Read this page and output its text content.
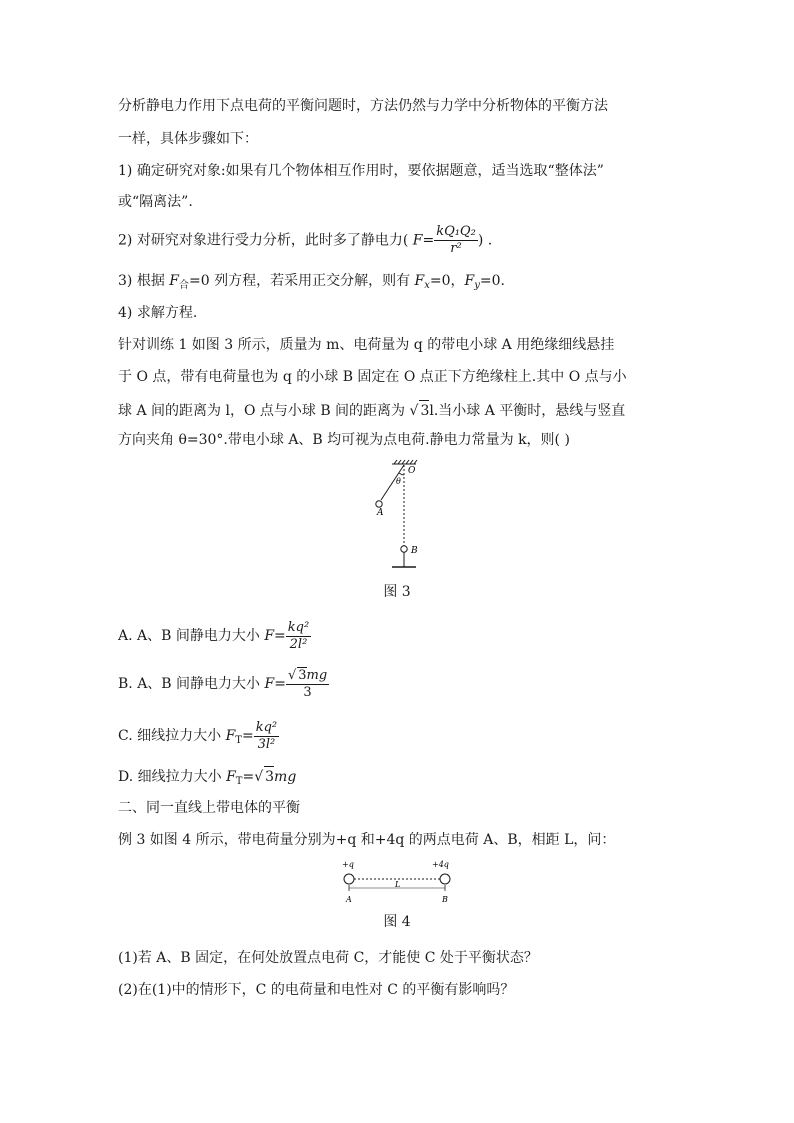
分析静电力作用下点电荷的平衡问题时，方法仍然与力学中分析物体的平衡方法
一样，具体步骤如下：
1) 确定研究对象:如果有几个物体相互作用时，要依据题意，适当选取“整体法”
或“隔离法”.
2) 对研究对象进行受力分析，此时多了静电力( $F= \frac{\text{kQ₁Q₂}}{\text{r²}}$ ) .
3) 根据 $F_合=0$ 列方程，若采用正交分解，则有 $F_x=0$，$F_y=0$.
4) 求解方程.
针对训练 1 如图 3 所示，质量为 m、电荷量为 q 的带电小球 A 用绝缘细线悬挂
于 O 点，带有电荷量也为 q 的小球 B 固定在 O 点正下方绝缘柱上.其中 O 点与小
球 A 间的距离为 l，O 点与小球 B 间的距离为 √ 3l.当小球 A 平衡时，悬线与竖直
方向夹角 θ=30°.带电小球 A、B 均可视为点电荷.静电力常量为 k，则( )
O
θ
A
B
图 3
A. A、B 间静电力大小 $F= \frac{\text{kq²}}{\text{2l²}}$
B. A、B 间静电力大小 $F= \frac{√ 3mg}{3}$
C. 细线拉力大小 $F_T= \frac{\text{kq²}}{\text{3l²}}$
D. 细线拉力大小 $F_T=√$ 3mg
二、同一直线上带电体的平衡
例 3 如图 4 所示，带电荷量分别为+q 和+4q 的两点电荷 A、B，相距 L，问：
+q	+4q
L
A	B
图 4
(1)若 A、B 固定，在何处放置点电荷 C，才能使 C 处于平衡状态？
(2)在(1)中的情形下，C 的电荷量和电性对 C 的平衡有影响吗？
